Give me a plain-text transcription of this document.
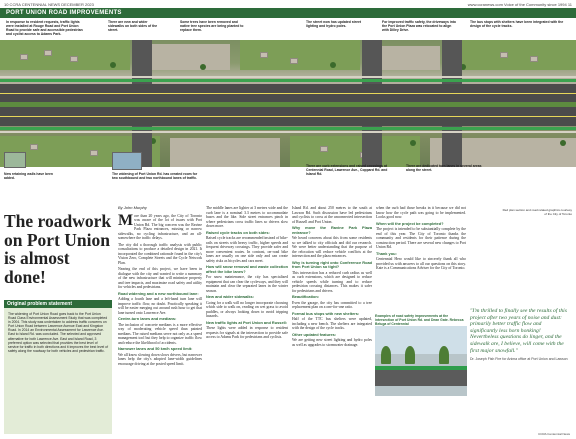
10 CCRA CENTENNIAL NEWS DECEMBER 2023	www.ccranews.com Voice of the Community since 1994 11
PORT UNION ROAD IMPROVEMENTS
In response to resident requests, traffic lights were installed at Rouge Road and Port Union Road to provide safe and accessible pedestrian and cyclist access to Adams Park.
There are new and wider sidewalks on both sides of the street.
Some trees have been removed and native tree species are being planted to replace them.
The street now has updated street lighting and hydro poles.
For improved traffic safety, the driveways into the Port Union Plaza was relocated to align with Dilley Drive.
The bus stops with shelters have been integrated with the design of the cycle tracks.
New retaining walls have been added.
The widening of Port Union Rd. has created room for two southbound and two northbound lanes of traffic.
There are curb extensions and raised crossings at Centennial Road, Lawrence Ave., Coppard Rd. and Island Rd.
There are dedicated turn lanes in several areas along the street.
Red plan section and road related graphics courtesy of the City of Toronto
The roadwork on Port Union is almost done!
Original problem statement
The widening of Port Union Road goes back to the Port Union Road Class Environmental Assessment Study that was completed in 2004. This study was undertaken to address traffic concerns on Port Union Road between Lawrence Avenue East and Kingston Road. In 2014 an Environmental Assessment for Lawrence Ave. East to Island Rd. was concluded. The selected and approved alternative for both Lawrence Ave. East and Island Road, 3 preferred option was selected that provides the best level of service for traffic in both directions and it improves the best level of safety along the roadway for both vehicles and pedestrian traffic.
By John Murphy
M ore than 20 years ago, the City of Toronto was aware of the lot of issues with Port Union Rd. The big concern was the Ravine Park Plaza entrances, missing or narrow sidewalks, no cycling infrastructure, and an all-somewhere the traffic delays.

The city did a thorough traffic analysis with public consultations to produce a detailed design in 2021. It incorporated the combined rationale found in the city's Vision Zero, Complete Streets and the Cycle Network Plan.

Nearing the end of this project, we have been in dialogue with the city and wanted to write a summary of the new infrastructure that will minimize property and tree impacts, and maximize road safety and utility for vehicles and pedestrians.

Road widening and a new northbound lane:

Adding a fourth lane and a left-hand turn lane will improve traffic flow, no doubt. Practically speaking it will be easier merging out around rush hour to get that lane turned onto Lawrence Ave.

Centre-turn lanes and medians:

The inclusion of concrete medians is a more effective way of moderating vehicle speed than painted medians. The raised medians serve not only as a speed management tool but they help to organize traffic flow and reduce the likelihood of accidents.

Narrower lanes and 50 km/h speed limit:

We all know slowing down slows drivers, but narrower lanes help the city's adopted lane-width guidelines encourage driving at the posted speed limit.

The middle lanes are lighter at 3 metres wide and the curb lane is a nominal 3.3 metres to accommodate buses and the like. Side street entrances pinch in where pedestrians cross traffic lines so drivers slow down more.

Raised cycle tracks on both sides:

Raised cycle tracks are recommended instead of bike-rails on streets with heavy traffic, higher speeds and frequent driveway crossings. They provide safer and more convenient routes. In contrast, on-road bike lanes are usually on one side only and can create safety risks as bicycles and cars meet.

How will snow removal and waste collection affect the bike lanes?

For snow maintenance, the city has specialized equipment that can clear the cycleways, and they will maintain and clear the separated lanes in the winter season.

New and wider sidewalks:

Going for a walk will no longer incorporate choosing which side to walk on, reading on wet grass to avoid puddles, or always looking down to avoid tripping hazards.

New traffic lights at Port Union and Russell:

These lights were added in response to resident requests for signals at the intersection to provide safe access to Adams Park for pedestrians and cyclists.

Island Rd. and about 250 metres to the south at Lawson Rd. Such discussion have led pedestrians and cyclists to cross at the unconnected intersection of Russell and Port Union.

Why move the Ravine Park Plaza entrance?

We heard concerns about this from some residents so we talked to city officials and did our research. We were better understanding that the purpose of the relocation will reduce vehicle conflicts at the intersection and the plaza entrances.

Why is turning right onto Conference Road from Port Union so tight?

This intersection has a reduced curb radius as well as curb extensions, which are designed to reduce vehicle speeds while turning and to reduce pedestrian crossing distances. This makes it safer for pedestrians and drivers.

Beautification:

Even the garage, the city has committed to a tree replacement plan on a one-for-one ratio.

Formal bus stops with new shelters:

Half of the TTC bus shelters were updated, including a new bench. The shelters are integrated with the design of the cycle tracks.

Other updated features:

We are getting new street lighting and hydro poles as well as upgrades to stormwater drainage.

when the curb had those breaks in it because we did not know how the cycle path was going to be implemented. Looks good now.

When will the project be completed?

The project is intended to be substantially complete by the end of this year. The City of Toronto thanks the community and residents for their patience during the construction period. There are several new changes to Port Union Rd.

Thank you:

Centennial Hero would like to sincerely thank all who provided us with answers to all our questions on this story. Kate is a Communications Adviser for the City of Toronto.

Examples of road safety improvements at the intersection of Port Union Rd. and Dean Gate. Rebecca Beluga of Centennial
"I'm thrilled to finally see the results of this project after two years of noise and dust: primarily better traffic flow and significantly less horn honking! Nevertheless questions do linger, and the sidewalk are, I believe, will come with the first major snowfall."
Dr. Joseph Fish Fire for Anima office at Port Union and Lawson
CCRA Centennial News
